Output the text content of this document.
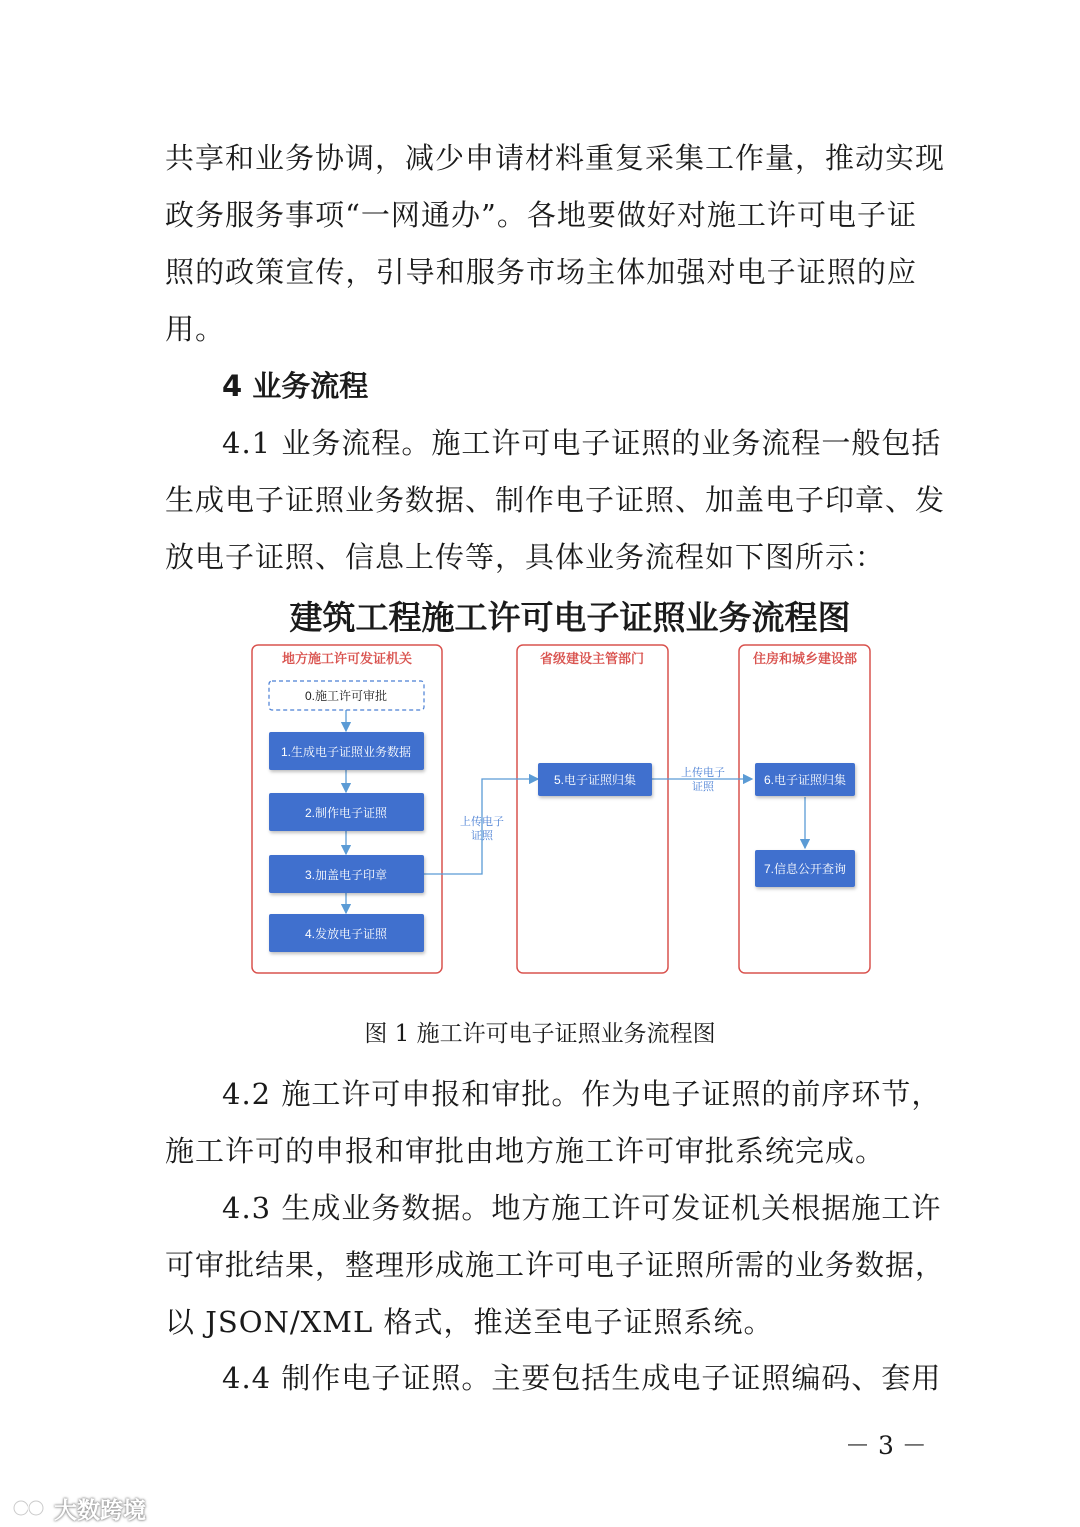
共享和业务协调，减少申请材料重复采集工作量，推动实现
政务服务事项“一网通办”。各地要做好对施工许可电子证
照的政策宣传，引导和服务市场主体加强对电子证照的应
用。
4 业务流程
4.1 业务流程。施工许可电子证照的业务流程一般包括
生成电子证照业务数据、制作电子证照、加盖电子印章、发
放电子证照、信息上传等，具体业务流程如下图所示：
建筑工程施工许可电子证照业务流程图
地方施工许可发证机关	省级建设主管部门	住房和城乡建设部
上传电子
证照
上传电子
证照
0.施工许可审批
1.生成电子证照业务数据
2.制作电子证照
3.加盖电子印章
4.发放电子证照
5.电子证照归集	6.电子证照归集
7.信息公开查询
图 1 施工许可电子证照业务流程图
4.2 施工许可申报和审批。作为电子证照的前序环节，
施工许可的申报和审批由地方施工许可审批系统完成。
4.3 生成业务数据。地方施工许可发证机关根据施工许
可审批结果，整理形成施工许可电子证照所需的业务数据，
以 JSON/XML 格式，推送至电子证照系统。
4.4 制作电子证照。主要包括生成电子证照编码、套用
－ 3 －
大数跨境
